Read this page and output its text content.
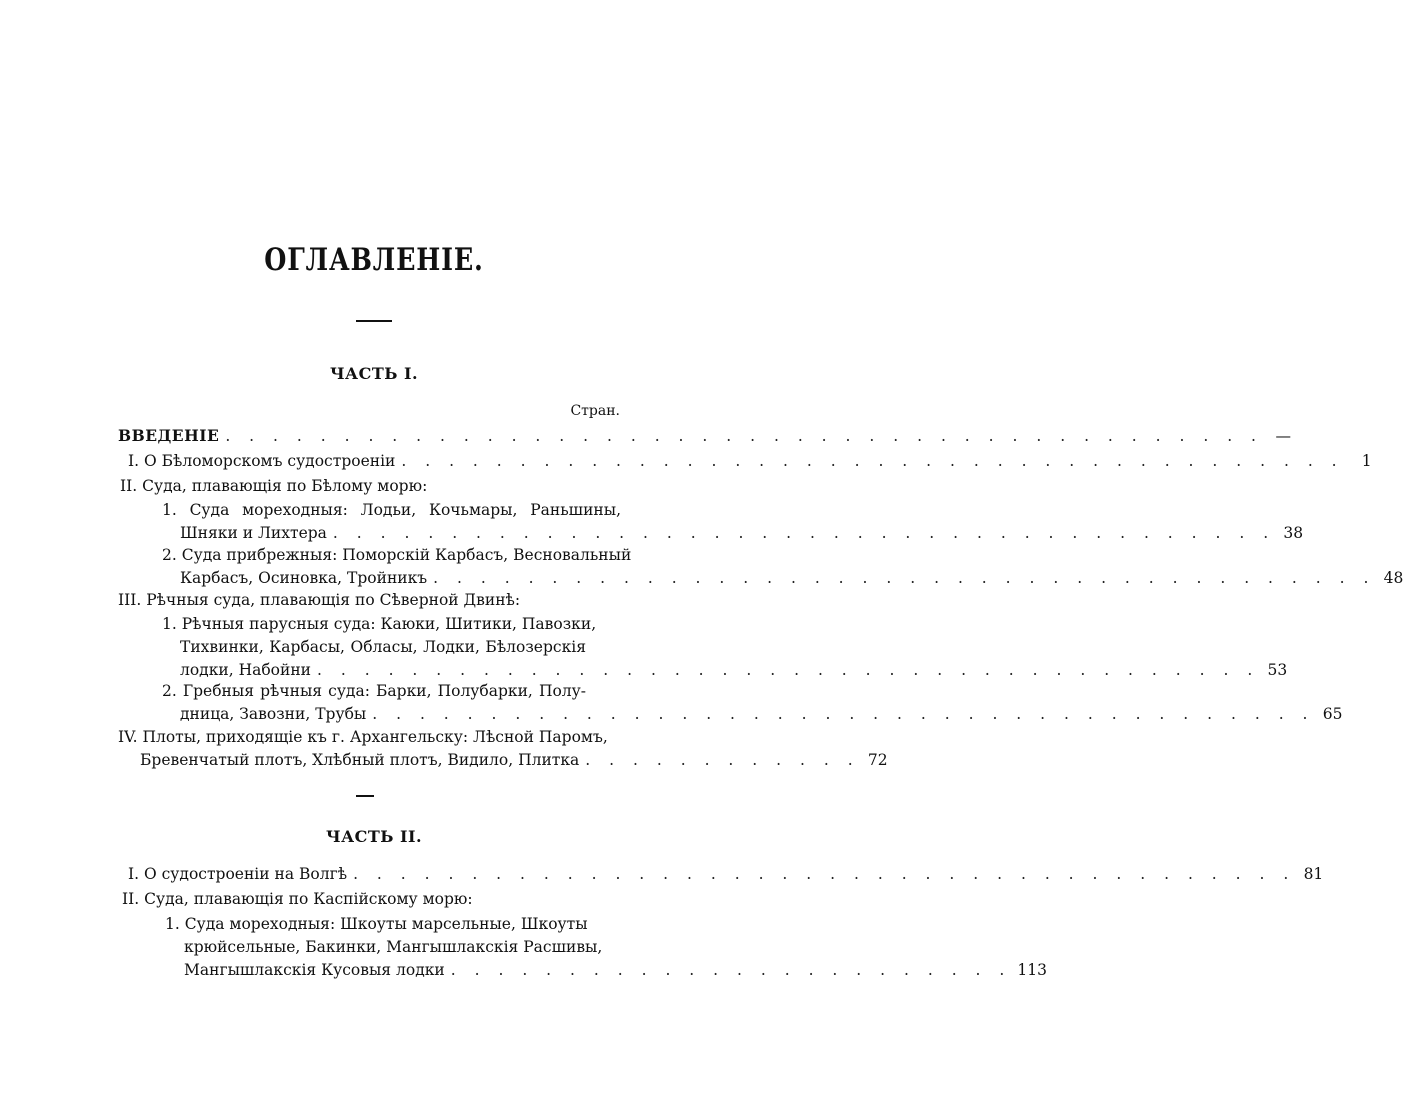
ОГЛАВЛЕНІЕ.
ЧАСТЬ I.
Стран.
ВВЕДЕНІЕ . . . . . . . . . . . . . . . . . . . . . . . . . . . . . . . . . . . . . . . . . . . . —
I. О Бѣломорскомъ судостроеніи . . . . . . . . . . . . . . . . . . . . . . . . . . . . . . . . . . . . . . . .	1
II. Суда, плавающія по Бѣлому морю:
1. Суда мореходныя: Лодьи, Кочьмары, Раньшины,
Шняки и Лихтера . . . . . . . . . . . . . . . . . . . . . . . . . . . . . . . . . . . . . . . . 38
2. Суда прибрежныя: Поморскій Карбасъ, Весновальный
Карбасъ, Осиновка, Тройникъ . . . . . . . . . . . . . . . . . . . . . . . . . . . . . . . . . . . . . . . . 48
III. Рѣчныя суда, плавающія по Сѣверной Двинѣ:
1. Рѣчныя парусныя суда: Каюки, Шитики, Павозки,
Тихвинки, Карбасы, Обласы, Лодки, Бѣлозерскія
лодки, Набойни . . . . . . . . . . . . . . . . . . . . . . . . . . . . . . . . . . . . . . . . 53
2. Гребныя рѣчныя суда: Барки, Полубарки, Полу-
дница, Завозни, Трубы . . . . . . . . . . . . . . . . . . . . . . . . . . . . . . . . . . . . . . . . 65
IV. Плоты, приходящіе къ г. Архангельску: Лѣсной Паромъ,
Бревенчатый плотъ, Хлѣбный плотъ, Видило, Плитка . . . . . . . . . . . . 72
ЧАСТЬ II.
I. О судостроеніи на Волгѣ . . . . . . . . . . . . . . . . . . . . . . . . . . . . . . . . . . . . . . . . 81
II. Суда, плавающія по Каспійскому морю:
1. Суда мореходныя: Шкоуты марсельные, Шкоуты
крюйсельные, Бакинки, Мангышлакскія Расшивы,
Мангышлакскія Кусовыя лодки . . . . . . . . . . . . . . . . . . . . . . . . 113
